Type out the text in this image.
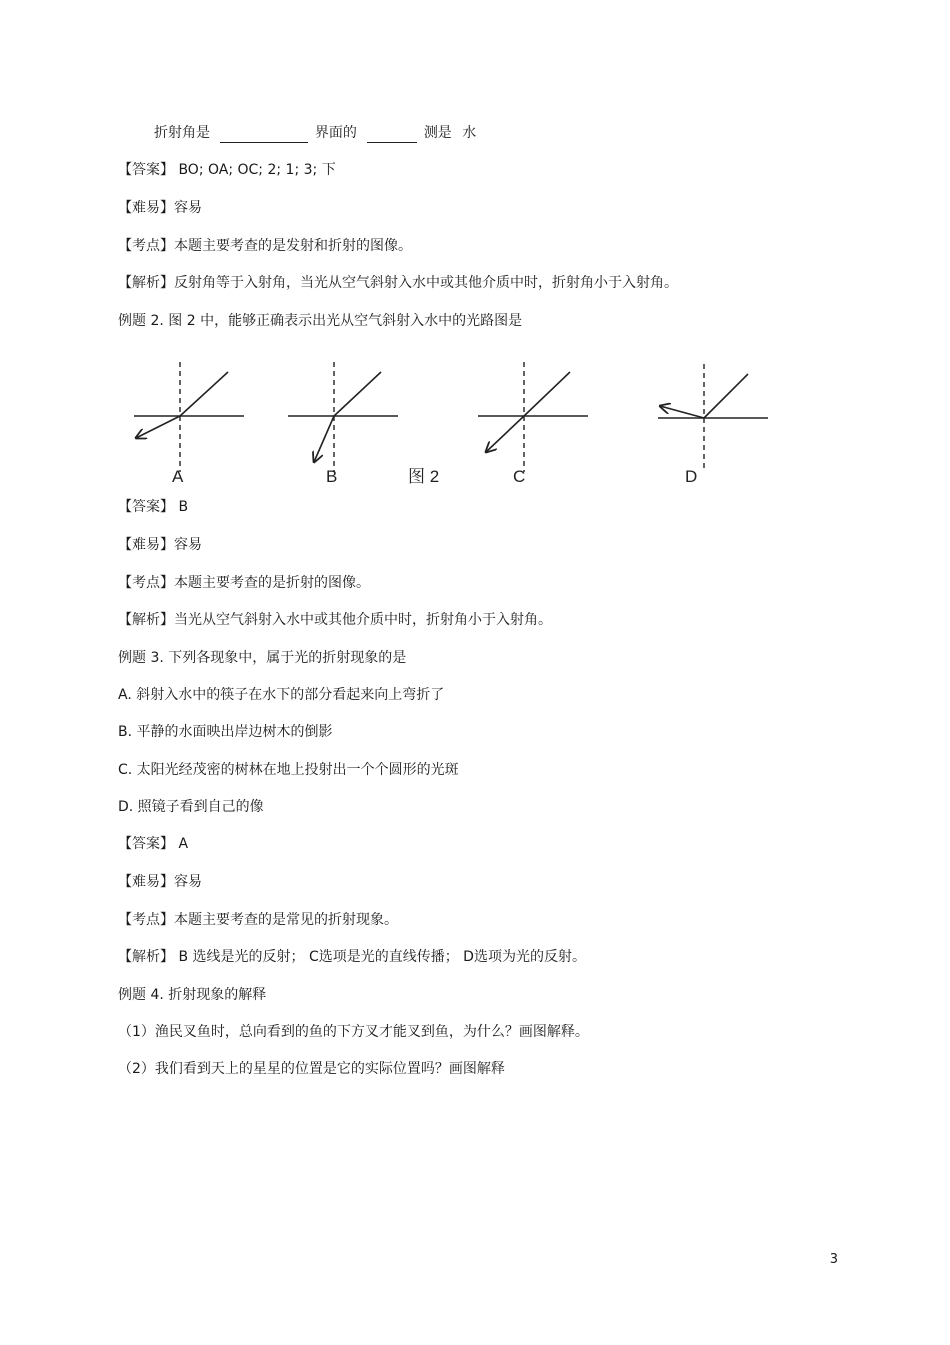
折射角是	界面的	测是 水
【答案】 BO; OA; OC; 2; 1; 3; 下
【难易】容易
【考点】本题主要考查的是发射和折射的图像。
【解析】反射角等于入射角，当光从空气斜射入水中或其他介质中时，折射角小于入射角。
例题 2. 图 2 中，能够正确表示出光从空气斜射入水中的光路图是
A	B	图 2	C	D
【答案】 B
【难易】容易
【考点】本题主要考查的是折射的图像。
【解析】当光从空气斜射入水中或其他介质中时，折射角小于入射角。
例题 3. 下列各现象中，属于光的折射现象的是
A. 斜射入水中的筷子在水下的部分看起来向上弯折了
B. 平静的水面映出岸边树木的倒影
C. 太阳光经茂密的树林在地上投射出一个个圆形的光斑
D. 照镜子看到自己的像
【答案】 A
【难易】容易
【考点】本题主要考查的是常见的折射现象。
【解析】 B 选线是光的反射； C选项是光的直线传播； D选项为光的反射。
例题 4. 折射现象的解释
（1）渔民叉鱼时，总向看到的鱼的下方叉才能叉到鱼，为什么？画图解释。
（2）我们看到天上的星星的位置是它的实际位置吗？画图解释
3
